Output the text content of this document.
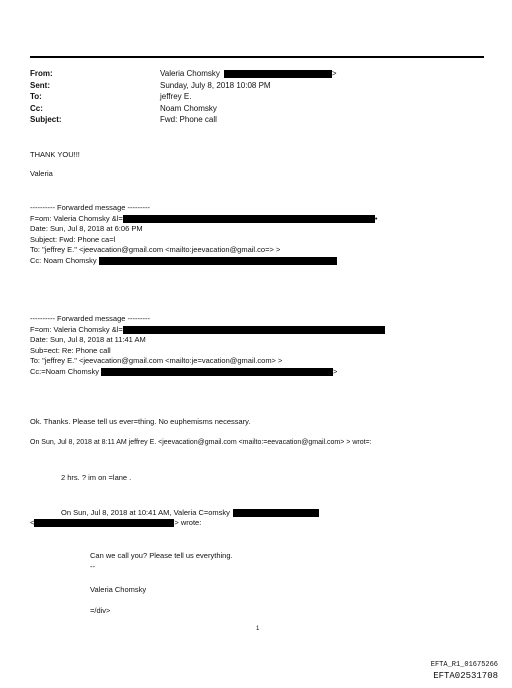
From:	Valeria Chomsky	>
Sent:	Sunday, July 8, 2018 10:08 PM
To:	jeffrey E.
Cc:	Noam Chomsky
Subject:	Fwd: Phone call
THANK YOU!!!
Valeria
---------- Forwarded message ---------
F=om: Valeria Chomsky &l=	•
Date: Sun, Jul 8, 2018 at 6:06 PM
Subject: Fwd: Phone ca=l
To: "jeffrey E." <jeevacation@gmail.com <mailto:jeevacation@gmail.co=> >
Cc: Noam Chomsky
---------- Forwarded message ---------
F=om: Valeria Chomsky &l=
Date: Sun, Jul 8, 2018 at 11:41 AM
Sub=ect: Re: Phone call
To: "jeffrey E." <jeevacation@gmail.com <mailto:je=vacation@gmail.com> >
Cc:=Noam Chomsky	>
Ok. Thanks. Please tell us ever=thing. No euphemisms necessary.
On Sun, Jul 8, 2018 at 8:11 AM jeffrey E. <jeevacation@gmail.com <mailto:=eevacation@gmail.com> > wrot=:
2 hrs. ? im on =lane .
On Sun, Jul 8, 2018 at 10:41 AM, Valeria C=omsky
<	> wrote:
Can we call you? Please tell us everything.
--
Valeria Chomsky
=/div>
1
EFTA_R1_01675266
EFTA02531708
